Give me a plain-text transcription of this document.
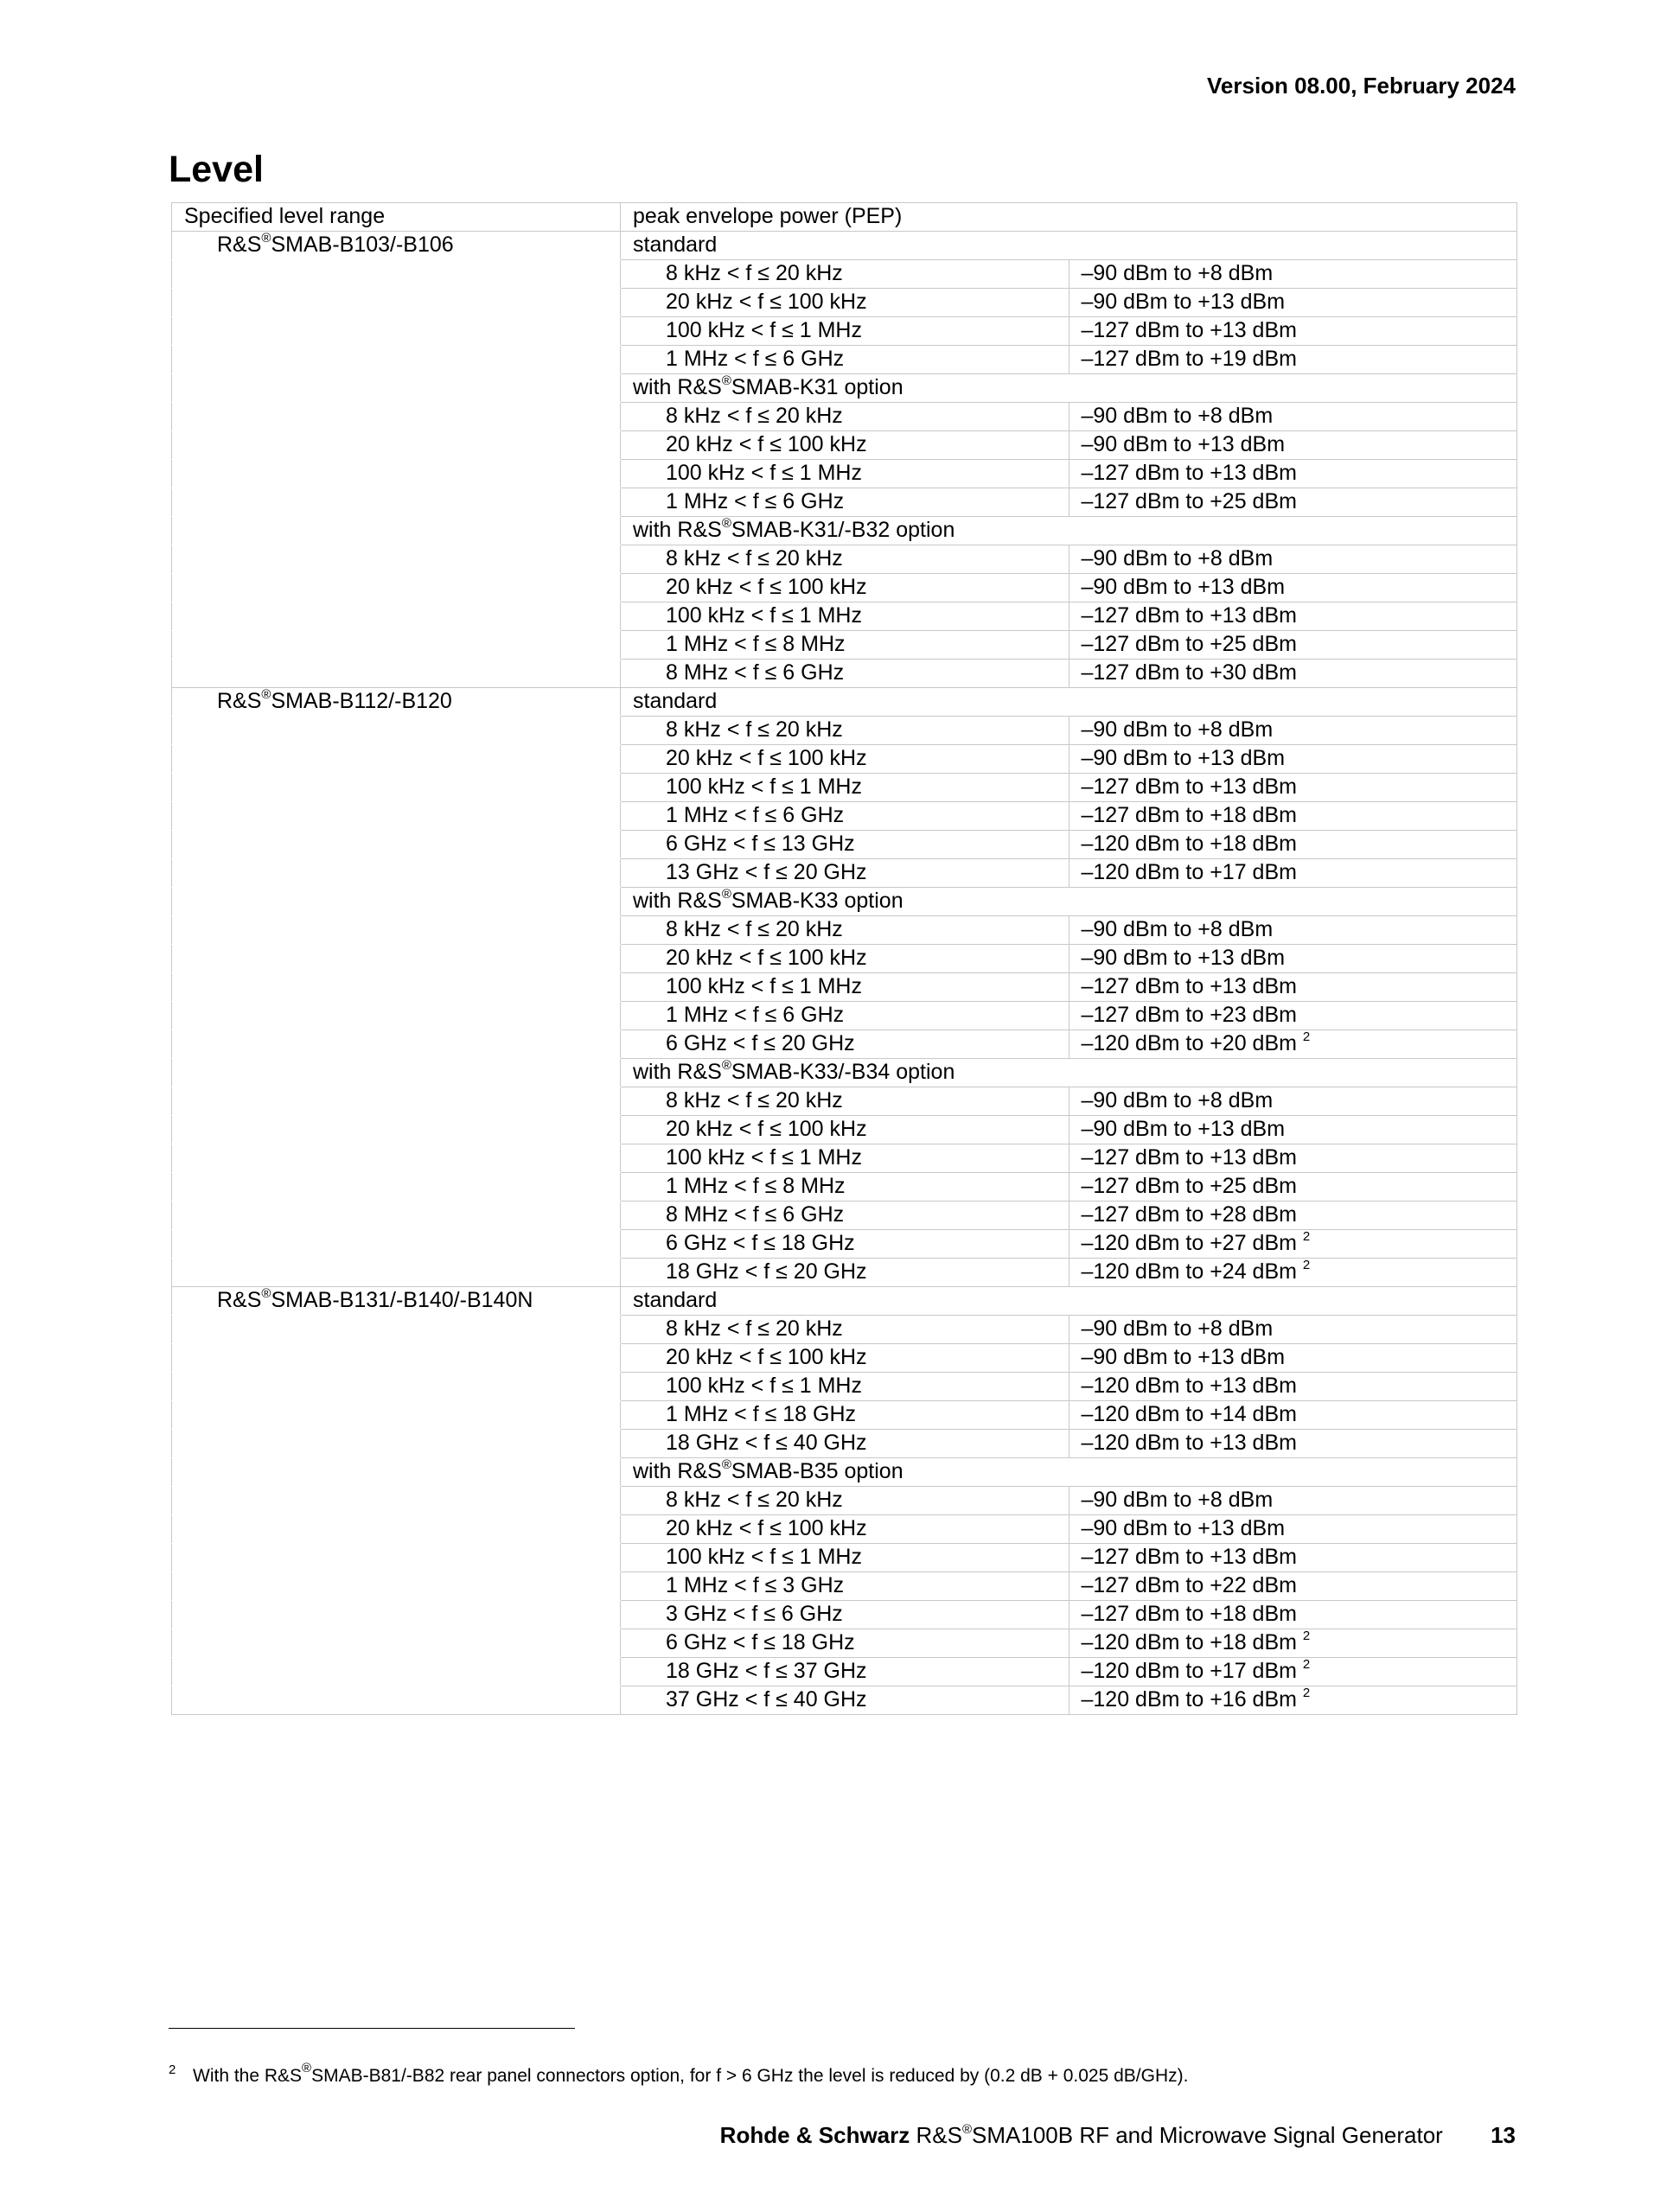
Version 08.00, February 2024
Level
Specified level range	peak envelope power (PEP)	
R&S®SMAB-B103/-B106	standard	
	8 kHz < f ≤ 20 kHz	–90 dBm to +8 dBm
	20 kHz < f ≤ 100 kHz	–90 dBm to +13 dBm
	100 kHz < f ≤ 1 MHz	–127 dBm to +13 dBm
	1 MHz < f ≤ 6 GHz	–127 dBm to +19 dBm
	with R&S®SMAB-K31 option	
	8 kHz < f ≤ 20 kHz	–90 dBm to +8 dBm
	20 kHz < f ≤ 100 kHz	–90 dBm to +13 dBm
	100 kHz < f ≤ 1 MHz	–127 dBm to +13 dBm
	1 MHz < f ≤ 6 GHz	–127 dBm to +25 dBm
	with R&S®SMAB-K31/-B32 option	
	8 kHz < f ≤ 20 kHz	–90 dBm to +8 dBm
	20 kHz < f ≤ 100 kHz	–90 dBm to +13 dBm
	100 kHz < f ≤ 1 MHz	–127 dBm to +13 dBm
	1 MHz < f ≤ 8 MHz	–127 dBm to +25 dBm
	8 MHz < f ≤ 6 GHz	–127 dBm to +30 dBm
R&S®SMAB-B112/-B120	standard	
	8 kHz < f ≤ 20 kHz	–90 dBm to +8 dBm
	20 kHz < f ≤ 100 kHz	–90 dBm to +13 dBm
	100 kHz < f ≤ 1 MHz	–127 dBm to +13 dBm
	1 MHz < f ≤ 6 GHz	–127 dBm to +18 dBm
	6 GHz < f ≤ 13 GHz	–120 dBm to +18 dBm
	13 GHz < f ≤ 20 GHz	–120 dBm to +17 dBm
	with R&S®SMAB-K33 option	
	8 kHz < f ≤ 20 kHz	–90 dBm to +8 dBm
	20 kHz < f ≤ 100 kHz	–90 dBm to +13 dBm
	100 kHz < f ≤ 1 MHz	–127 dBm to +13 dBm
	1 MHz < f ≤ 6 GHz	–127 dBm to +23 dBm
	6 GHz < f ≤ 20 GHz	–120 dBm to +20 dBm $^2$
	with R&S®SMAB-K33/-B34 option	
	8 kHz < f ≤ 20 kHz	–90 dBm to +8 dBm
	20 kHz < f ≤ 100 kHz	–90 dBm to +13 dBm
	100 kHz < f ≤ 1 MHz	–127 dBm to +13 dBm
	1 MHz < f ≤ 8 MHz	–127 dBm to +25 dBm
	8 MHz < f ≤ 6 GHz	–127 dBm to +28 dBm
	6 GHz < f ≤ 18 GHz	–120 dBm to +27 dBm $^2$
	18 GHz < f ≤ 20 GHz	–120 dBm to +24 dBm $^2$
R&S®SMAB-B131/-B140/-B140N	standard	
	8 kHz < f ≤ 20 kHz	–90 dBm to +8 dBm
	20 kHz < f ≤ 100 kHz	–90 dBm to +13 dBm
	100 kHz < f ≤ 1 MHz	–120 dBm to +13 dBm
	1 MHz < f ≤ 18 GHz	–120 dBm to +14 dBm
	18 GHz < f ≤ 40 GHz	–120 dBm to +13 dBm
	with R&S®SMAB-B35 option	
	8 kHz < f ≤ 20 kHz	–90 dBm to +8 dBm
	20 kHz < f ≤ 100 kHz	–90 dBm to +13 dBm
	100 kHz < f ≤ 1 MHz	–127 dBm to +13 dBm
	1 MHz < f ≤ 3 GHz	–127 dBm to +22 dBm
	3 GHz < f ≤ 6 GHz	–127 dBm to +18 dBm
	6 GHz < f ≤ 18 GHz	–120 dBm to +18 dBm $^2$
	18 GHz < f ≤ 37 GHz	–120 dBm to +17 dBm $^2$
	37 GHz < f ≤ 40 GHz	–120 dBm to +16 dBm $^2$
2 With the R&S®SMAB-B81/-B82 rear panel connectors option, for f > 6 GHz the level is reduced by (0.2 dB + 0.025 dB/GHz).
Rohde & Schwarz R&S®SMA100B RF and Microwave Signal Generator 13
